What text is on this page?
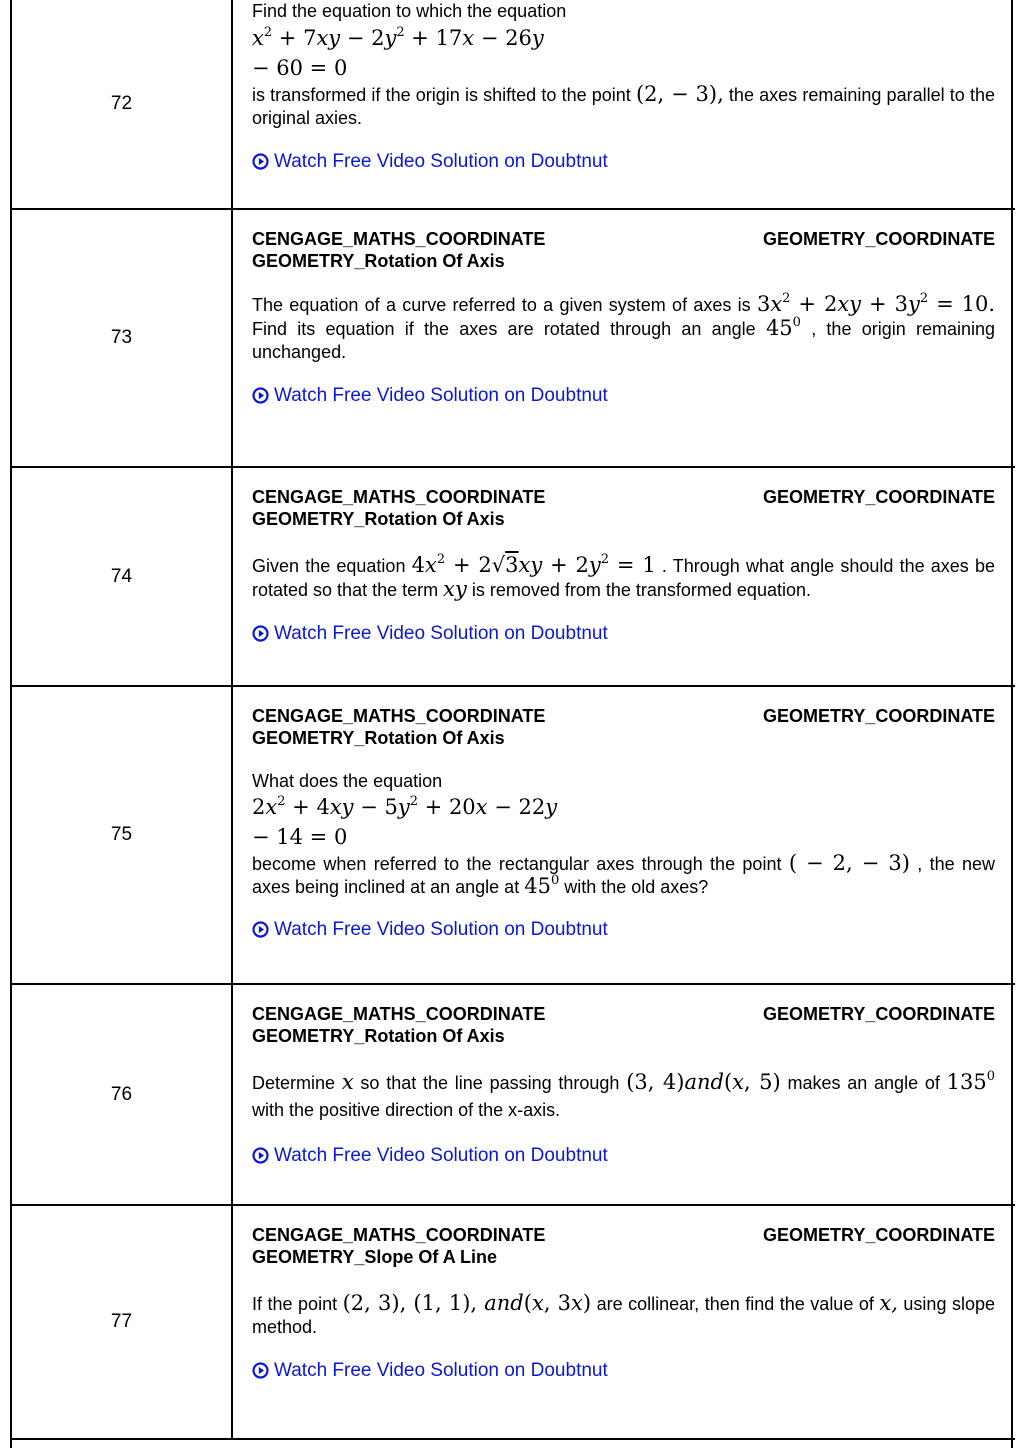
72
Find the equation to which the equation
$x^2 + 7xy - 2y^2 + 17x - 26y$
− 60 = 0
is transformed if the origin is shifted to the point (2, − 3), the axes remaining parallel to the original axies.
Watch Free Video Solution on Doubtnut
73
CENGAGE_MATHS_COORDINATE	GEOMETRY_COORDINATE
GEOMETRY_Rotation Of Axis
The equation of a curve referred to a given system of axes is $3x^2 + 2xy + 3y^2 = 10$. Find its equation if the axes are rotated through an angle $45^0$ , the origin remaining unchanged.
Watch Free Video Solution on Doubtnut
74
CENGAGE_MATHS_COORDINATE	GEOMETRY_COORDINATE
GEOMETRY_Rotation Of Axis
Given the equation $4x^2 + 2√3xy + 2y^2 = 1$ . Through what angle should the axes be rotated so that the term xy is removed from the transformed equation.
Watch Free Video Solution on Doubtnut
75
CENGAGE_MATHS_COORDINATE	GEOMETRY_COORDINATE
GEOMETRY_Rotation Of Axis
What does the equation
$2x^2 + 4xy - 5y^2 + 20x - 22y$
− 14 = 0
become when referred to the rectangular axes through the point ( − 2, − 3) , the new axes being inclined at an angle at $45^0$ with the old axes?
Watch Free Video Solution on Doubtnut
76
CENGAGE_MATHS_COORDINATE	GEOMETRY_COORDINATE
GEOMETRY_Rotation Of Axis
Determine x so that the line passing through (3, 4)and(x, 5) makes an angle of $135^0$ with the positive direction of the x-axis.
Watch Free Video Solution on Doubtnut
77
CENGAGE_MATHS_COORDINATE	GEOMETRY_COORDINATE
GEOMETRY_Slope Of A Line
If the point (2, 3), (1, 1), and(x, 3x) are collinear, then find the value of x, using slope method.
Watch Free Video Solution on Doubtnut
